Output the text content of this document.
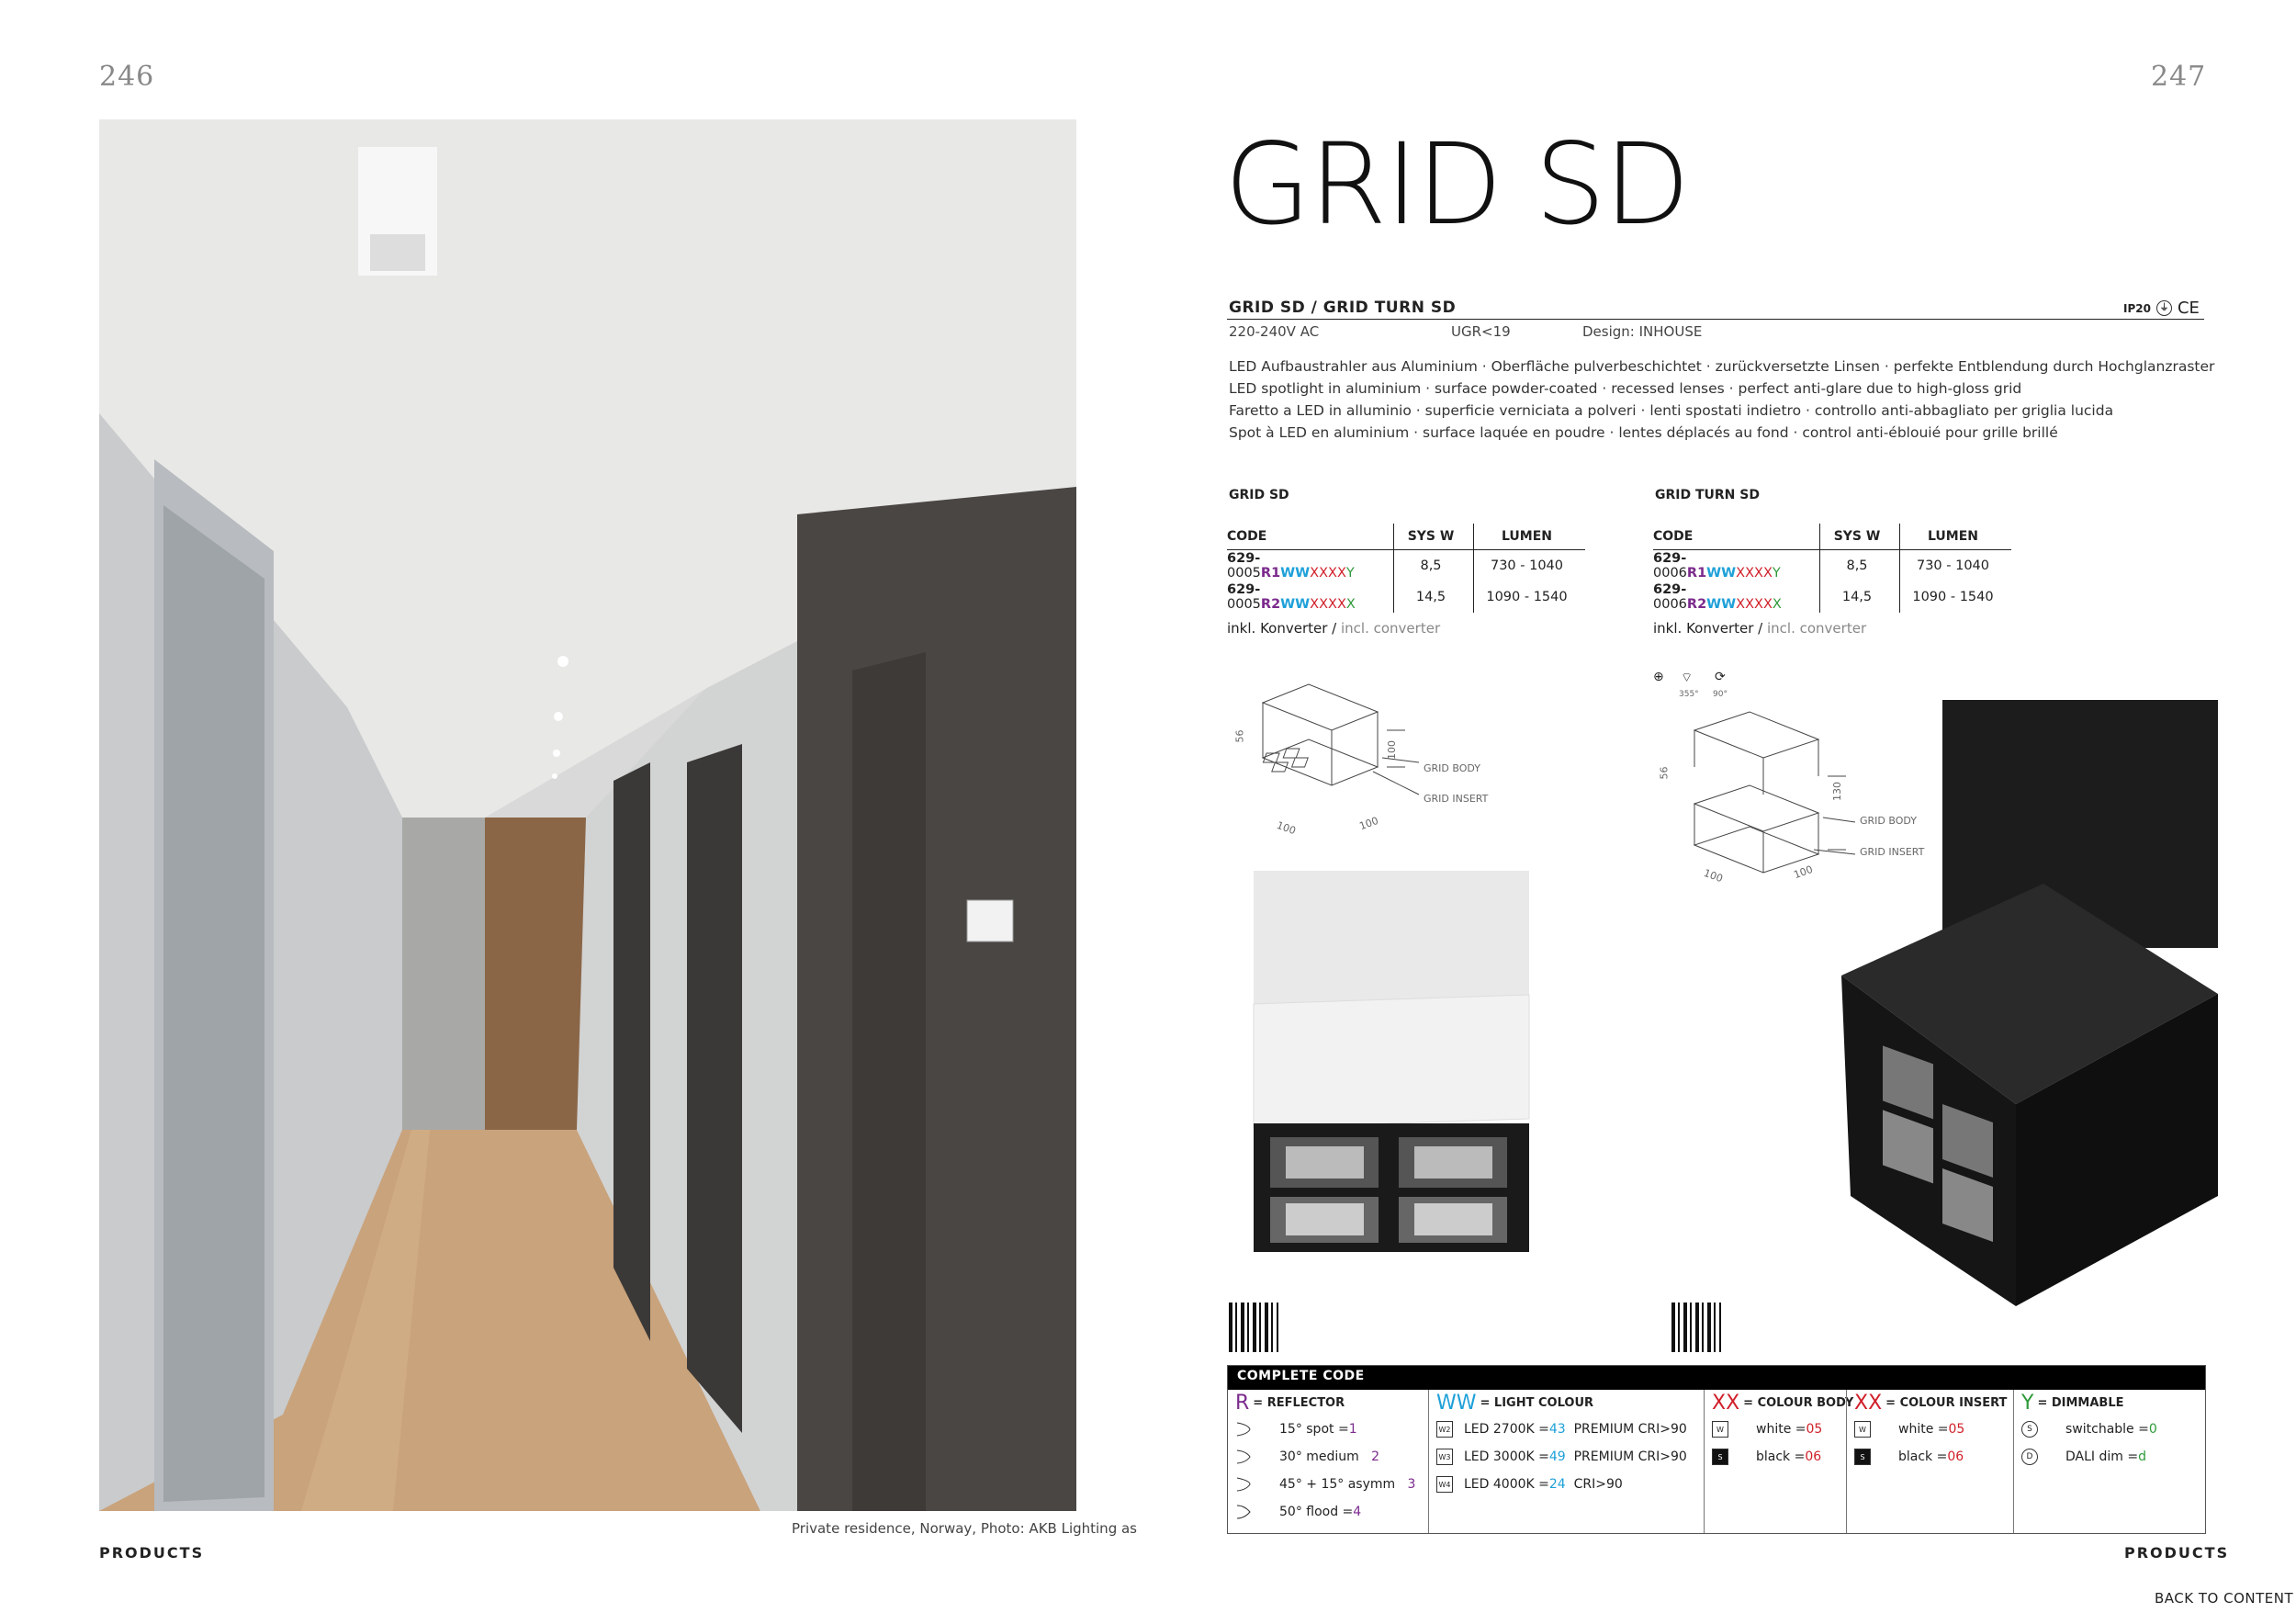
246	247
Private residence, Norway, Photo: AKB Lighting as
PRODUCTS	PRODUCTS
BACK TO CONTENT
GRID SD
GRID SD / GRID TURN SD	IP20 ⏚ CE
220-240V AC	UGR<19	Design: INHOUSE
LED Aufbaustrahler aus Aluminium · Oberfläche pulverbeschichtet · zurückversetzte Linsen · perfekte Entblendung durch Hochglanzraster
LED spotlight in aluminium · surface powder-coated · recessed lenses · perfect anti-glare due to high-gloss grid
Faretto a LED in alluminio · superficie verniciata a polveri · lenti spostati indietro · controllo anti-abbagliato per griglia lucida
Spot à LED en aluminium · surface laquée en poudre · lentes déplacés au fond · control anti-éblouié pour grille brillé
GRID SD
CODE	SYS W	LUMEN
629-0005R1WWXXXXY	8,5	730 - 1040
629-0005R2WWXXXXX	14,5	1090 - 1540
inkl. Konverter / incl. converter
GRID TURN SD
CODE	SYS W	LUMEN
629-0006R1WWXXXXY	8,5	730 - 1040
629-0006R2WWXXXXX	14,5	1090 - 1540
inkl. Konverter / incl. converter
56
100
100	100
GRID BODY
GRID INSERT
⊕ ⌔ ⟳
355° 90°
56
130
100	100
GRID BODY
GRID INSERT
COMPLETE CODE
R = REFLECTOR
15° spot = 1
30° medium 2
45° + 15° asymm 3
50° flood = 4
WW = LIGHT COLOUR
W2 LED 2700K = 43 PREMIUM CRI>90
W3 LED 3000K = 49 PREMIUM CRI>90
W4 LED 4000K = 24 CRI>90
XX = COLOUR BODY
W	white = 05
S	black = 06
XX = COLOUR INSERT
W	white = 05
S	black = 06
Y = DIMMABLE
S	switchable = 0
D	DALI dim = d
